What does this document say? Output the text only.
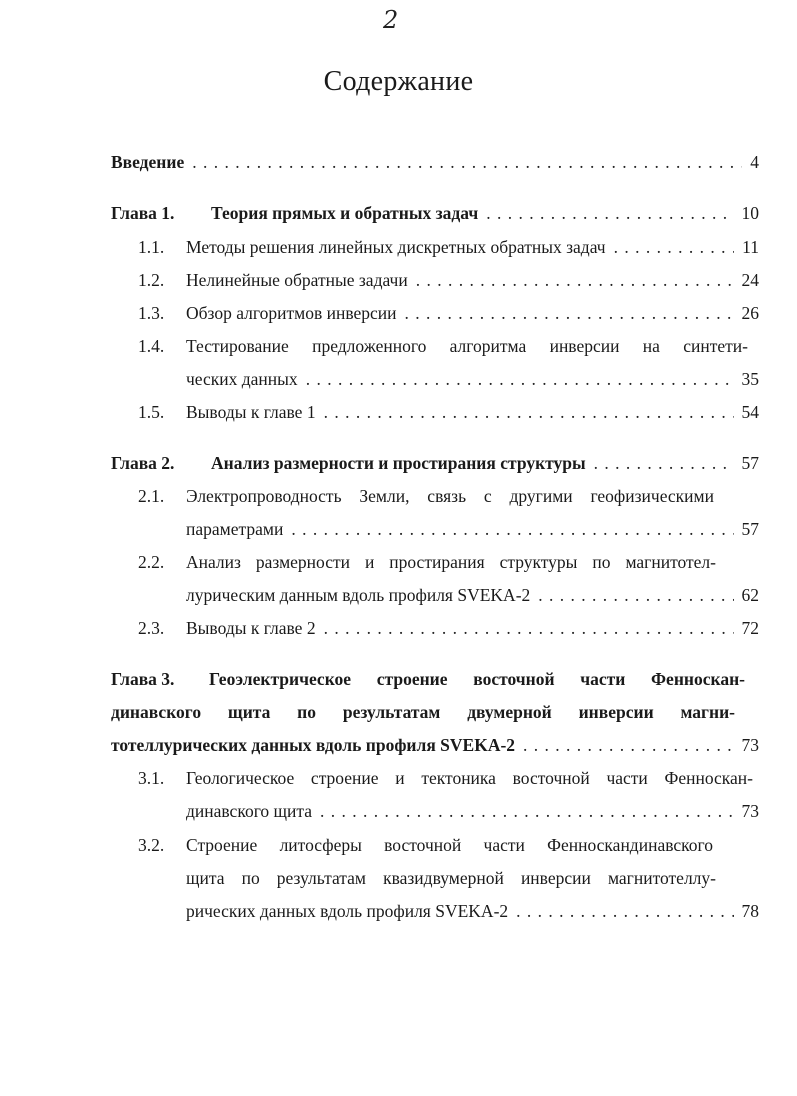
2
Содержание
Введение . . .	4
Глава 1.	Теория прямых и обратных задач . . .	10
1.1. Методы решения линейных дискретных обратных задач . . .	11
1.2. Нелинейные обратные задачи . . .	24
1.3. Обзор алгоритмов инверсии . . .	26
1.4. Тестирование предложенного алгоритма инверсии на синтети-
ческих данных . . .	35
1.5. Выводы к главе 1 . . .	54
Глава 2.	Анализ размерности и простирания структуры . . .	57
2.1. Электропроводность Земли, связь с другими геофизическими
параметрами . . .	57
2.2. Анализ размерности и простирания структуры по магнитотел-
лурическим данным вдоль профиля SVEKA-2 . . .	62
2.3. Выводы к главе 2 . . .	72
Глава 3.	Геоэлектрическое строение восточной части Фенноскан-
динавского щита по результатам двумерной инверсии магни-
тотеллурических данных вдоль профиля SVEKA-2 . . .	73
3.1. Геологическое строение и тектоника восточной части Фенноскан-
динавского щита . . .	73
3.2. Строение литосферы восточной части Фенноскандинавского
щита по результатам квазидвумерной инверсии магнитотеллу-
рических данных вдоль профиля SVEKA-2 . . .	78
